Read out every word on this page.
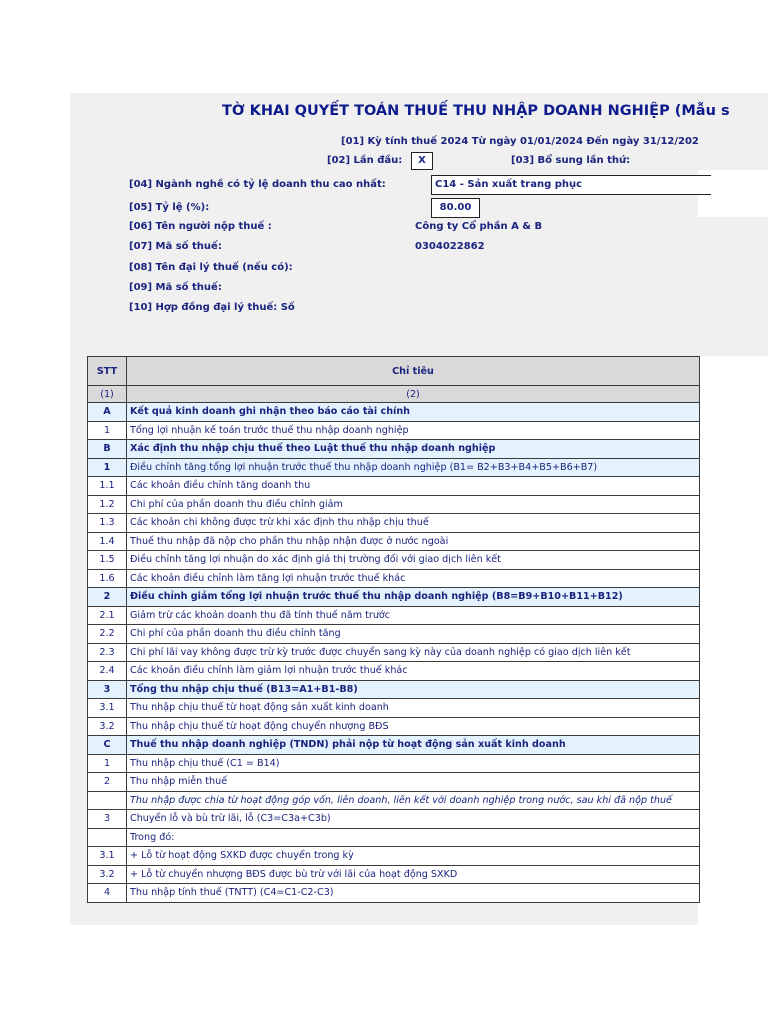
TỜ KHAI QUYẾT TOÁN THUẾ THU NHẬP DOANH NGHIỆP (Mẫu s
[01] Kỳ tính thuế 2024 Từ ngày 01/01/2024 Đến ngày 31/12/202
[02] Lần đầu:	X	[03] Bổ sung lần thứ:
[04] Ngành nghề có tỷ lệ doanh thu cao nhất:	C14 - Sản xuất trang phục
[05] Tỷ lệ (%):	80.00
[06] Tên người nộp thuế :	Công ty Cổ phần A & B
[07] Mã số thuế:	0304022862
[08] Tên đại lý thuế (nếu có):
[09] Mã số thuế:
[10] Hợp đồng đại lý thuế: Số
STT	Chỉ tiêu
(1)	(2)
A	Kết quả kinh doanh ghi nhận theo báo cáo tài chính
1	Tổng lợi nhuận kế toán trước thuế thu nhập doanh nghiệp
B	Xác định thu nhập chịu thuế theo Luật thuế thu nhập doanh nghiệp
1	Điều chỉnh tăng tổng lợi nhuận trước thuế thu nhập doanh nghiệp (B1= B2+B3+B4+B5+B6+B7)
1.1	Các khoản điều chỉnh tăng doanh thu
1.2	Chi phí của phần doanh thu điều chỉnh giảm
1.3	Các khoản chi không được trừ khi xác định thu nhập chịu thuế
1.4	Thuế thu nhập đã nộp cho phần thu nhập nhận được ở nước ngoài
1.5	Điều chỉnh tăng lợi nhuận do xác định giá thị trường đối với giao dịch liên kết
1.6	Các khoản điều chỉnh làm tăng lợi nhuận trước thuế khác
2	Điều chỉnh giảm tổng lợi nhuận trước thuế thu nhập doanh nghiệp (B8=B9+B10+B11+B12)
2.1	Giảm trừ các khoản doanh thu đã tính thuế năm trước
2.2	Chi phí của phần doanh thu điều chỉnh tăng
2.3	Chi phí lãi vay không được trừ kỳ trước được chuyển sang kỳ này của doanh nghiệp có giao dịch liên kết
2.4	Các khoản điều chỉnh làm giảm lợi nhuận trước thuế khác
3	Tổng thu nhập chịu thuế (B13=A1+B1-B8)
3.1	Thu nhập chịu thuế từ hoạt động sản xuất kinh doanh
3.2	Thu nhập chịu thuế từ hoạt động chuyển nhượng BĐS
C	Thuế thu nhập doanh nghiệp (TNDN) phải nộp từ hoạt động sản xuất kinh doanh
1	Thu nhập chịu thuế (C1 = B14)
2	Thu nhập miễn thuế
	Thu nhập được chia từ hoạt động góp vốn, liên doanh, liên kết với doanh nghiệp trong nước, sau khi đã nộp thuế
3	Chuyển lỗ và bù trừ lãi, lỗ (C3=C3a+C3b)
	Trong đó:
3.1	+ Lỗ từ hoạt động SXKD được chuyển trong kỳ
3.2	+ Lỗ từ chuyển nhượng BĐS được bù trừ với lãi của hoạt động SXKD
4	Thu nhập tính thuế (TNTT) (C4=C1-C2-C3)
